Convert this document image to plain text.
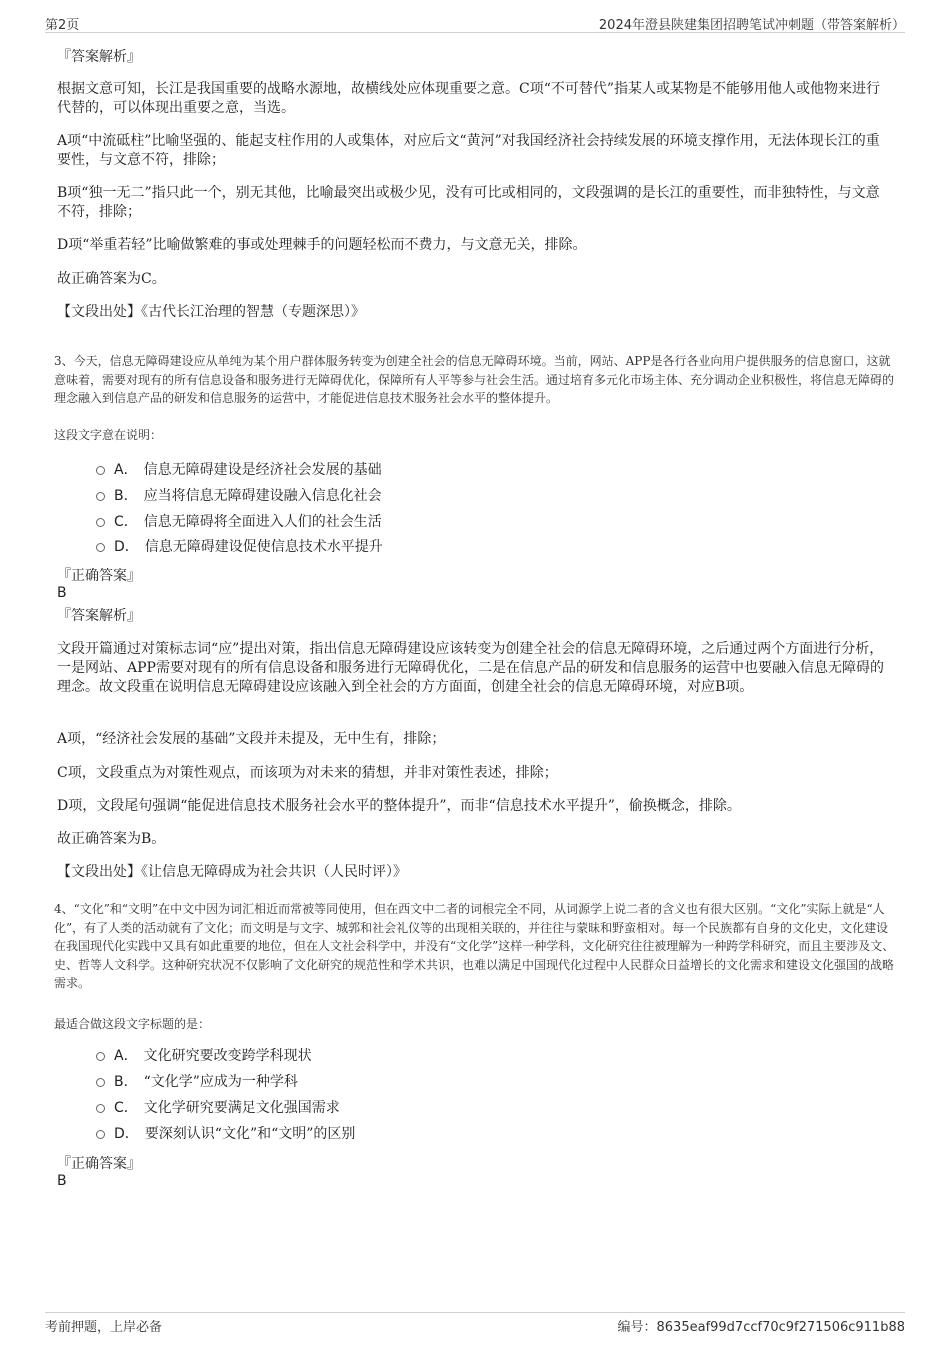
第2页	2024年澄县陕建集团招聘笔试冲刺题（带答案解析）
『答案解析』
根据文意可知，长江是我国重要的战略水源地，故横线处应体现重要之意。C项“不可替代”指某人或某物是不能够用他人或他物来进行代替的，可以体现出重要之意，当选。
A项“中流砥柱”比喻坚强的、能起支柱作用的人或集体，对应后文“黄河”对我国经济社会持续发展的环境支撑作用，无法体现长江的重要性，与文意不符，排除；
B项“独一无二”指只此一个，别无其他，比喻最突出或极少见，没有可比或相同的，文段强调的是长江的重要性，而非独特性，与文意不符，排除；
D项“举重若轻”比喻做繁难的事或处理棘手的问题轻松而不费力，与文意无关，排除。
故正确答案为C。
【文段出处】《古代长江治理的智慧（专题深思）》
3、今天，信息无障碍建设应从单纯为某个用户群体服务转变为创建全社会的信息无障碍环境。当前，网站、APP是各行各业向用户提供服务的信息窗口，这就意味着，需要对现有的所有信息设备和服务进行无障碍优化，保障所有人平等参与社会生活。通过培育多元化市场主体、充分调动企业积极性，将信息无障碍的理念融入到信息产品的研发和信息服务的运营中，才能促进信息技术服务社会水平的整体提升。
这段文字意在说明：
A． 信息无障碍建设是经济社会发展的基础
B． 应当将信息无障碍建设融入信息化社会
C． 信息无障碍将全面进入人们的社会生活
D． 信息无障碍建设促使信息技术水平提升
『正确答案』
B
『答案解析』
文段开篇通过对策标志词“应”提出对策，指出信息无障碍建设应该转变为创建全社会的信息无障碍环境，之后通过两个方面进行分析，一是网站、APP需要对现有的所有信息设备和服务进行无障碍优化，二是在信息产品的研发和信息服务的运营中也要融入信息无障碍的理念。故文段重在说明信息无障碍建设应该融入到全社会的方方面面，创建全社会的信息无障碍环境，对应B项。
A项，“经济社会发展的基础”文段并未提及，无中生有，排除；
C项，文段重点为对策性观点，而该项为对未来的猜想，并非对策性表述，排除；
D项，文段尾句强调“能促进信息技术服务社会水平的整体提升”，而非“信息技术水平提升”，偷换概念，排除。
故正确答案为B。
【文段出处】《让信息无障碍成为社会共识（人民时评）》
4、“文化”和“文明”在中文中因为词汇相近而常被等同使用，但在西文中二者的词根完全不同，从词源学上说二者的含义也有很大区别。“文化”实际上就是“人化”，有了人类的活动就有了文化；而文明是与文字、城郭和社会礼仪等的出现相关联的，并往往与蒙昧和野蛮相对。每一个民族都有自身的文化史，文化建设在我国现代化实践中又具有如此重要的地位，但在人文社会科学中，并没有“文化学”这样一种学科，文化研究往往被理解为一种跨学科研究，而且主要涉及文、史、哲等人文科学。这种研究状况不仅影响了文化研究的规范性和学术共识，也难以满足中国现代化过程中人民群众日益增长的文化需求和建设文化强国的战略需求。
最适合做这段文字标题的是：
A． 文化研究要改变跨学科现状
B． “文化学”应成为一种学科
C． 文化学研究要满足文化强国需求
D． 要深刻认识“文化”和“文明”的区别
『正确答案』
B
考前押题，上岸必备	编号：8635eaf99d7ccf70c9f271506c911b88
